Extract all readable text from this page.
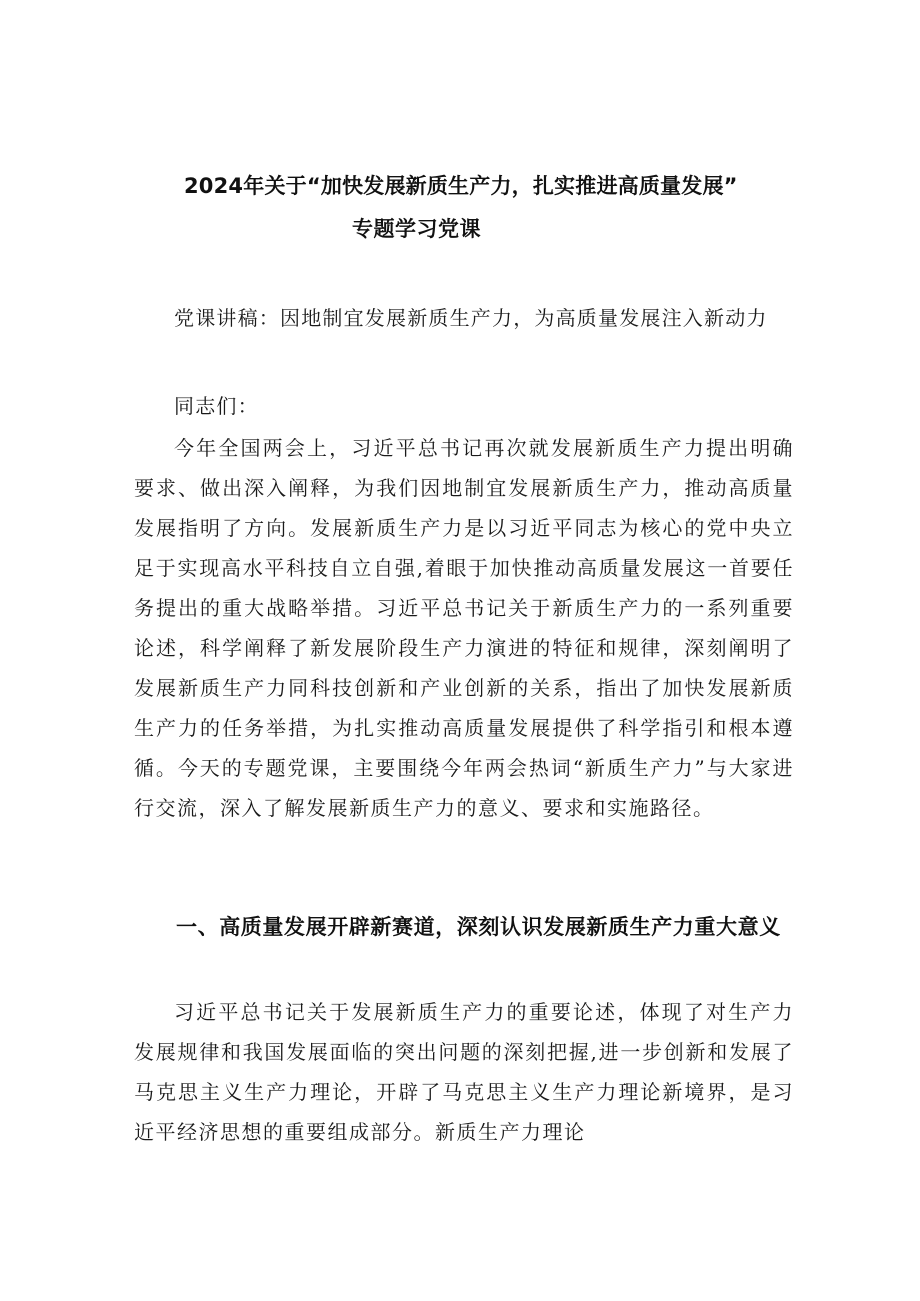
2024年关于“加快发展新质生产力，扎实推进高质量发展”
专题学习党课

党课讲稿：因地制宜发展新质生产力，为高质量发展注入新动力

同志们：

今年全国两会上，习近平总书记再次就发展新质生产力提出明确要求、做出深入阐释，为我们因地制宜发展新质生产力，推动高质量发展指明了方向。发展新质生产力是以习近平同志为核心的党中央立足于实现高水平科技自立自强,着眼于加快推动高质量发展这一首要任务提出的重大战略举措。习近平总书记关于新质生产力的一系列重要论述，科学阐释了新发展阶段生产力演进的特征和规律，深刻阐明了发展新质生产力同科技创新和产业创新的关系，指出了加快发展新质生产力的任务举措，为扎实推动高质量发展提供了科学指引和根本遵循。今天的专题党课，主要围绕今年两会热词“新质生产力”与大家进行交流，深入了解发展新质生产力的意义、要求和实施路径。

一、高质量发展开辟新赛道，深刻认识发展新质生产力重大意义

习近平总书记关于发展新质生产力的重要论述，体现了对生产力发展规律和我国发展面临的突出问题的深刻把握,进一步创新和发展了马克思主义生产力理论，开辟了马克思主义生产力理论新境界，是习近平经济思想的重要组成部分。新质生产力理论
